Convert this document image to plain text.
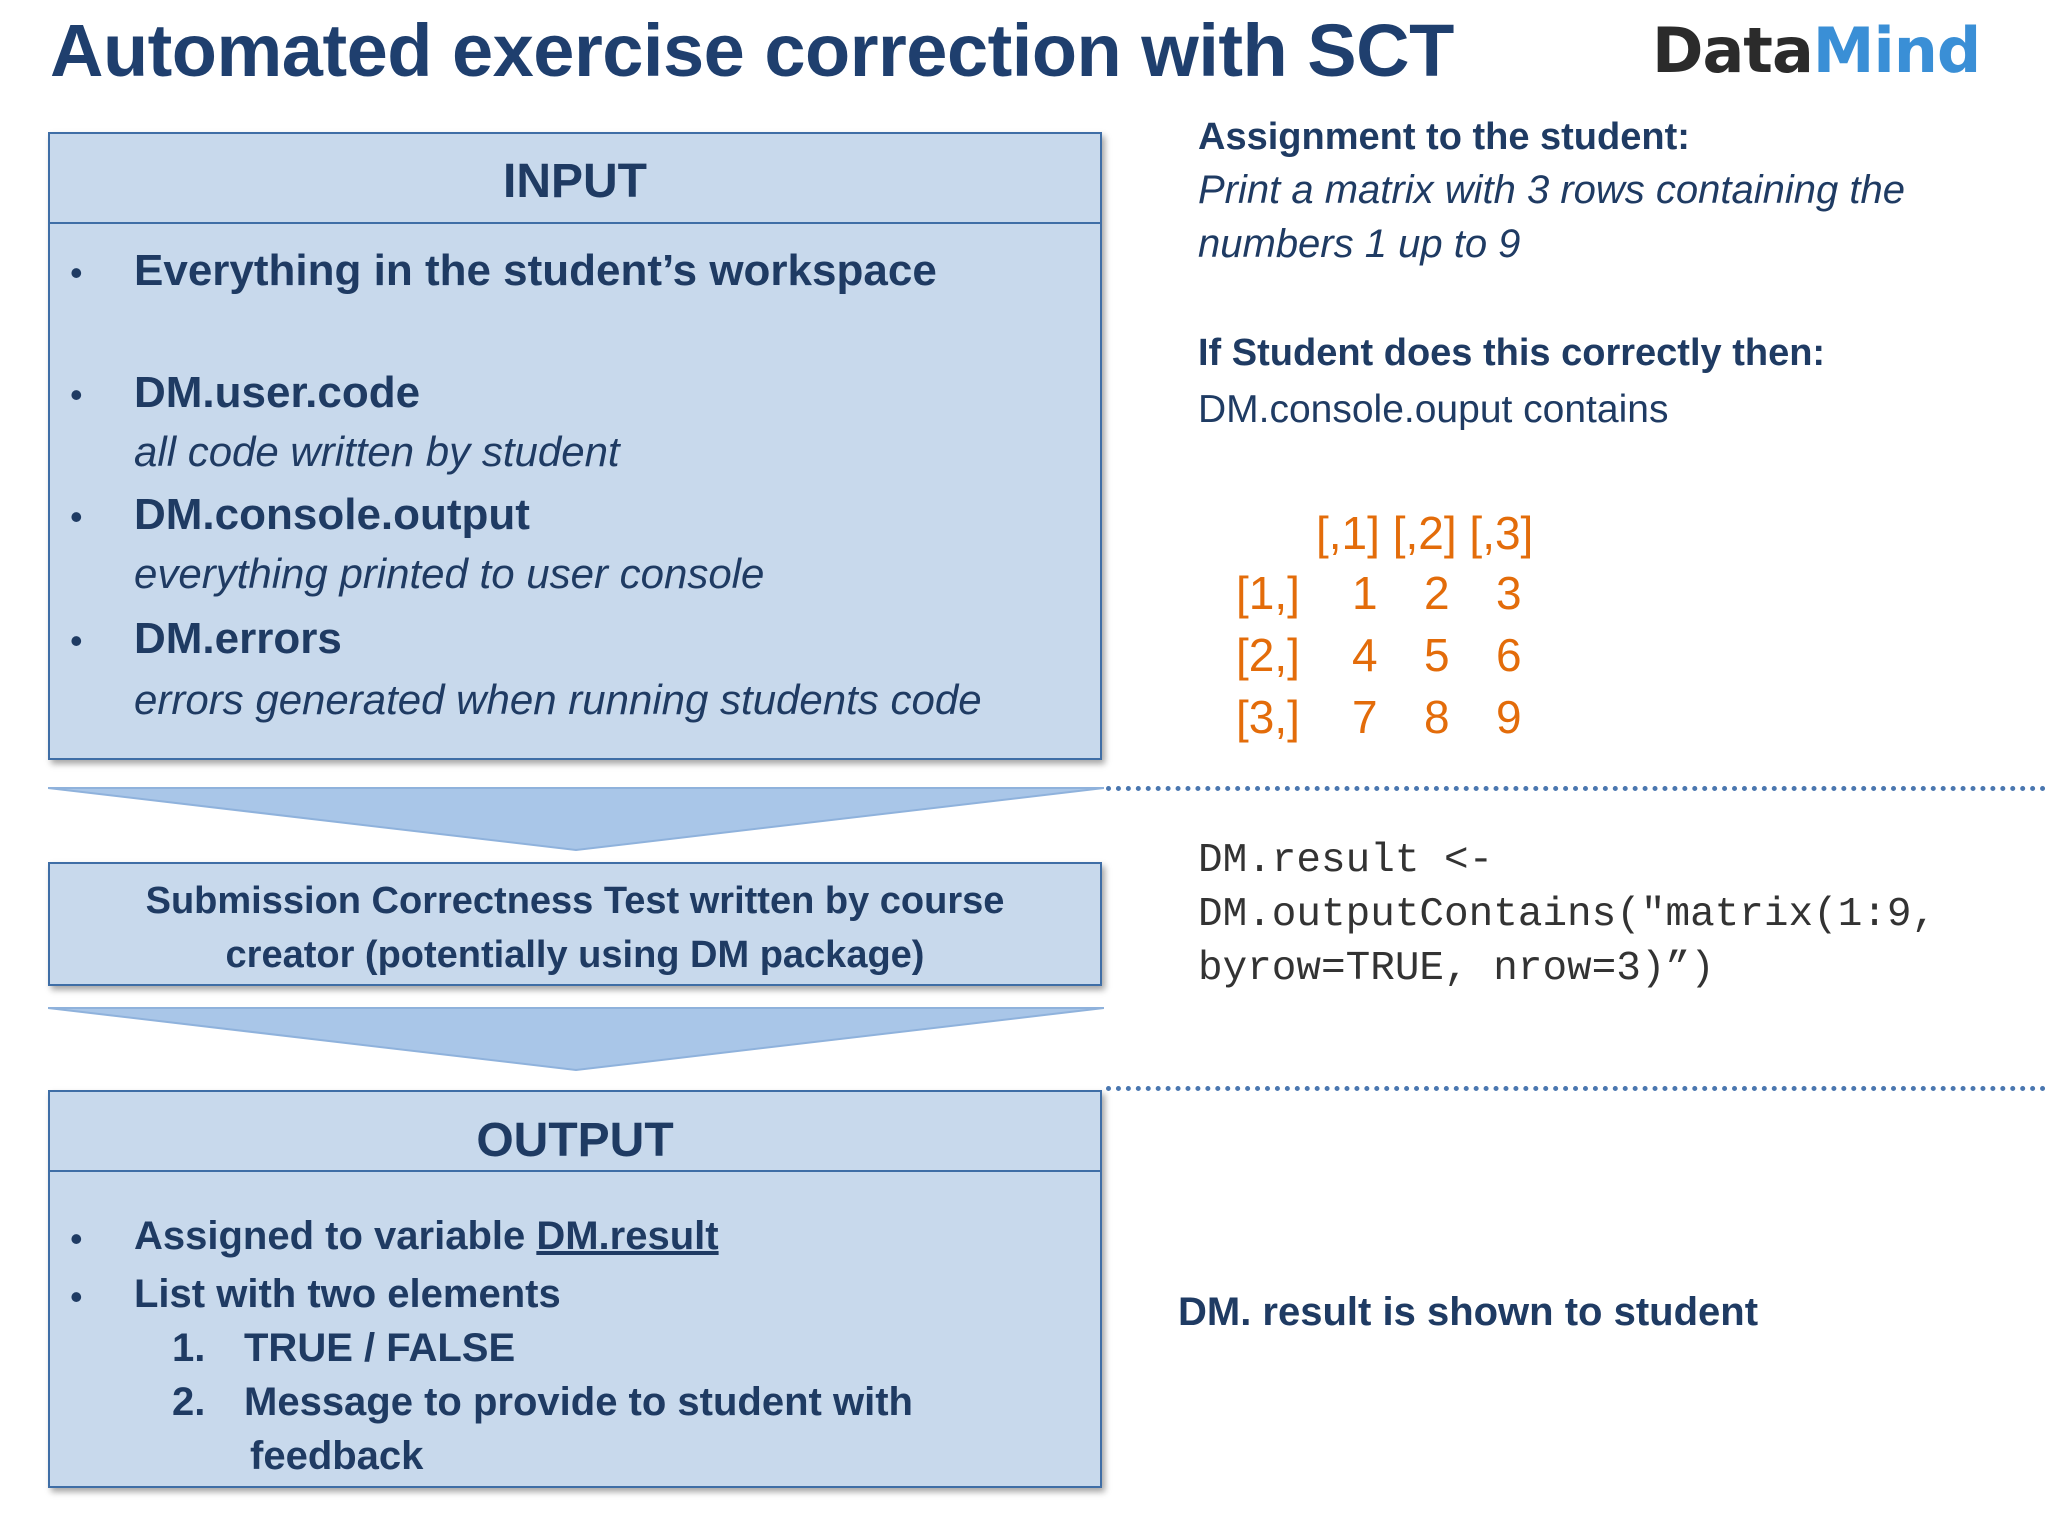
Automated exercise correction with SCT	DataMind
INPUT
• Everything in the student’s workspace
• DM.user.code
all code written by student
• DM.console.output
everything printed to user console
• DM.errors
errors generated when running students code
Submission Correctness Test written by course
creator (potentially using DM package)
OUTPUT
• Assigned to variable DM.result
• List with two elements
1. TRUE / FALSE
2. Message to provide to student with
feedback
Assignment to the student:
Print a matrix with 3 rows containing the
numbers 1 up to 9
If Student does this correctly then:
DM.console.ouput contains
[,1] [,2] [,3]
[1,] 1 2 3
[2,] 4 5 6
[3,] 7 8 9
DM.result <-
DM.outputContains("matrix(1:9,
byrow=TRUE, nrow=3)”)
DM. result is shown to student
